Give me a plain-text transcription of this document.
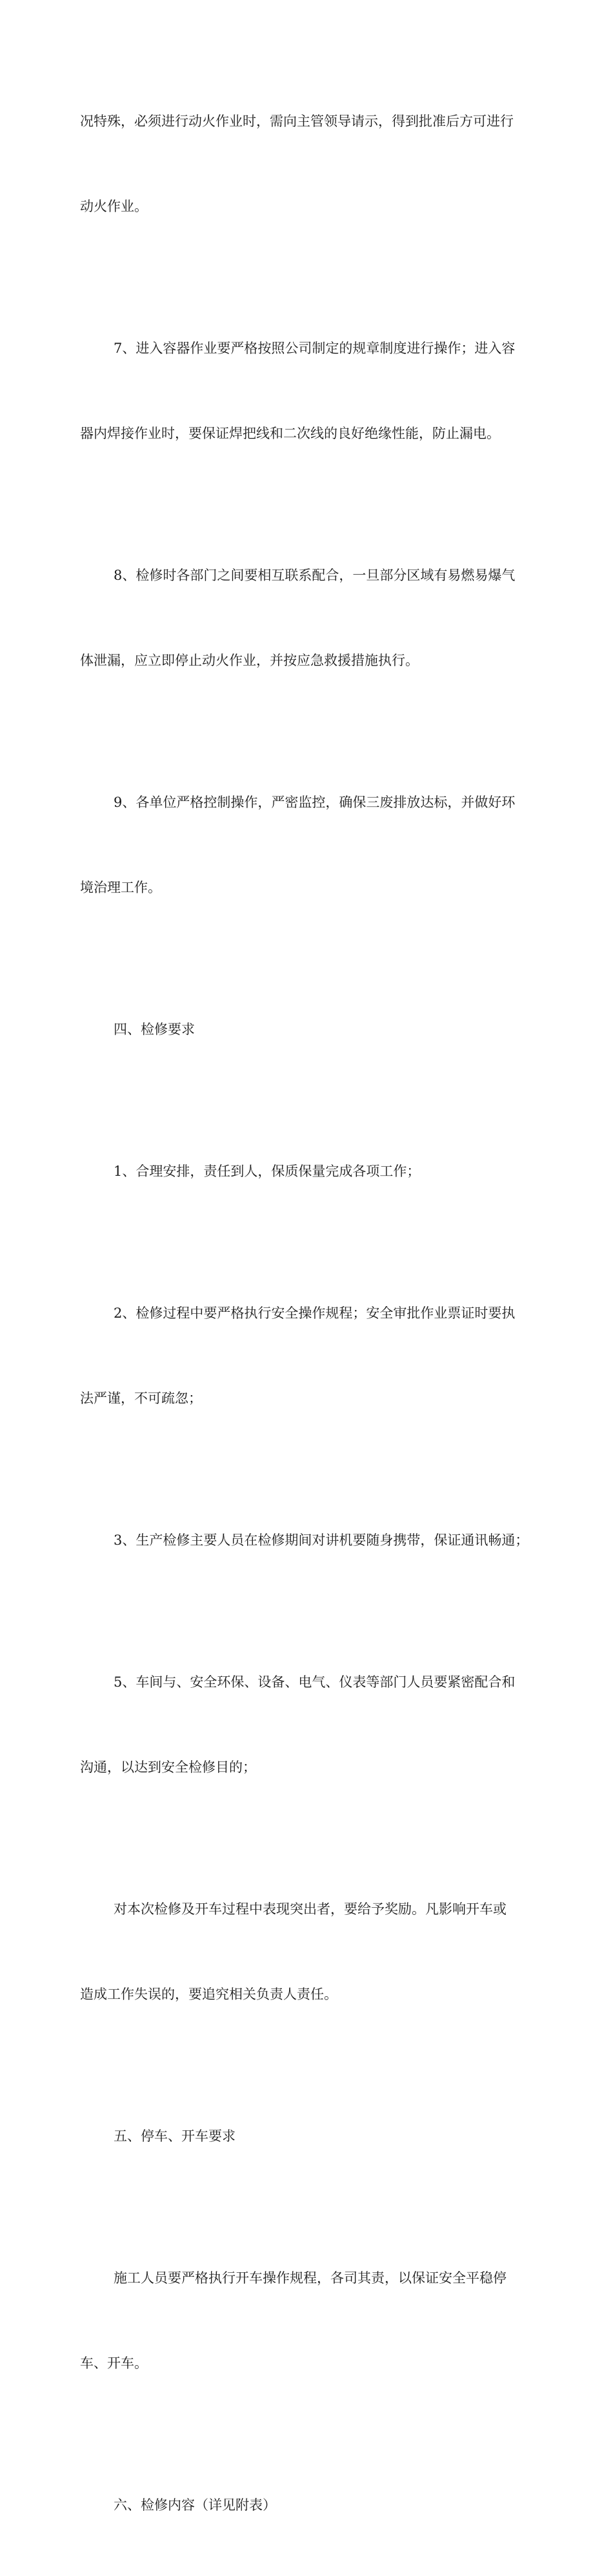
况特殊，必须进行动火作业时，需向主管领导请示，得到批准后方可进行

动火作业。

7、进入容器作业要严格按照公司制定的规章制度进行操作；进入容

器内焊接作业时，要保证焊把线和二次线的良好绝缘性能，防止漏电。

8、检修时各部门之间要相互联系配合，一旦部分区域有易燃易爆气

体泄漏，应立即停止动火作业，并按应急救援措施执行。

9、各单位严格控制操作，严密监控，确保三废排放达标，并做好环

境治理工作。

四、检修要求

1、合理安排，责任到人，保质保量完成各项工作；

2、检修过程中要严格执行安全操作规程；安全审批作业票证时要执

法严谨，不可疏忽；

3、生产检修主要人员在检修期间对讲机要随身携带，保证通讯畅通；

5、车间与、安全环保、设备、电气、仪表等部门人员要紧密配合和

沟通，以达到安全检修目的；

对本次检修及开车过程中表现突出者，要给予奖励。凡影响开车或

造成工作失误的，要追究相关负责人责任。

五、停车、开车要求

施工人员要严格执行开车操作规程，各司其责，以保证安全平稳停

车、开车。

六、检修内容（详见附表）
